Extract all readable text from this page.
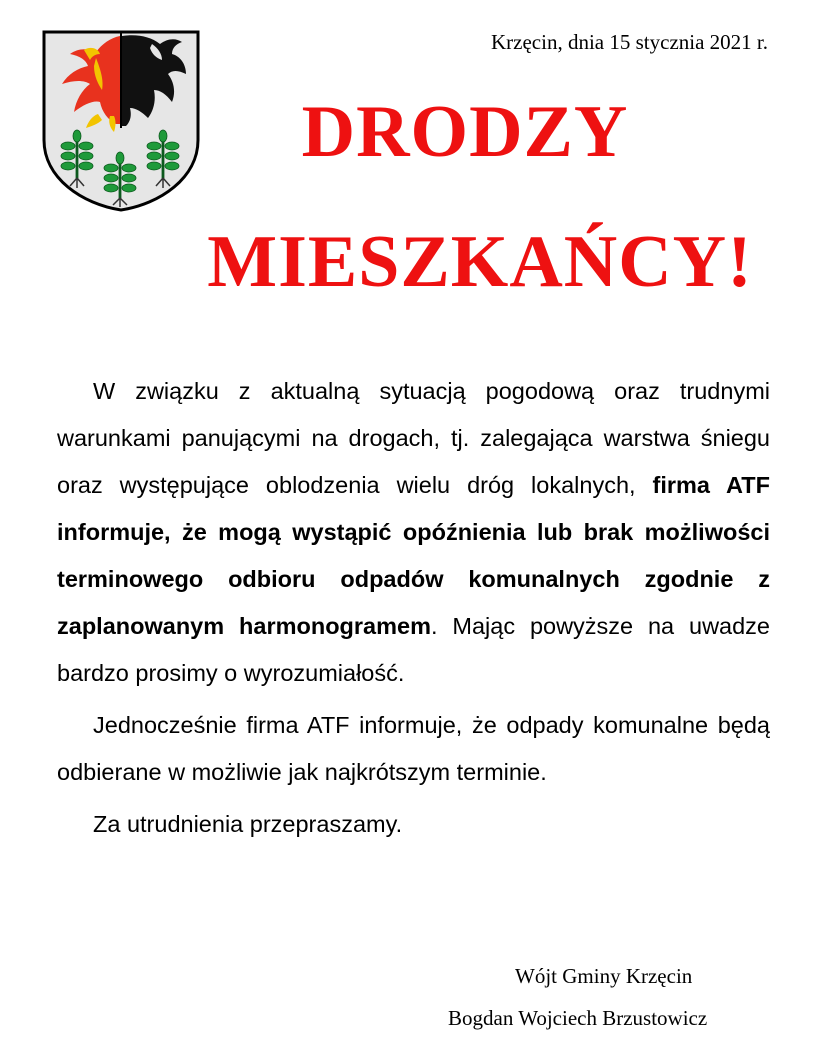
Krzęcin, dnia 15 stycznia 2021 r.
DRODZY
MIESZKAŃCY!

W związku z aktualną sytuacją pogodową oraz trudnymi warunkami panującymi na drogach, tj. zalegająca warstwa śniegu oraz występujące oblodzenia wielu dróg lokalnych, firma ATF informuje, że mogą wystąpić opóźnienia lub brak możliwości terminowego odbioru odpadów komunalnych zgodnie z zaplanowanym harmonogramem. Mając powyższe na uwadze bardzo prosimy o wyrozumiałość.

Jednocześnie firma ATF informuje, że odpady komunalne będą odbierane w możliwie jak najkrótszym terminie.

Za utrudnienia przepraszamy.

Wójt Gminy Krzęcin
Bogdan Wojciech Brzustowicz
